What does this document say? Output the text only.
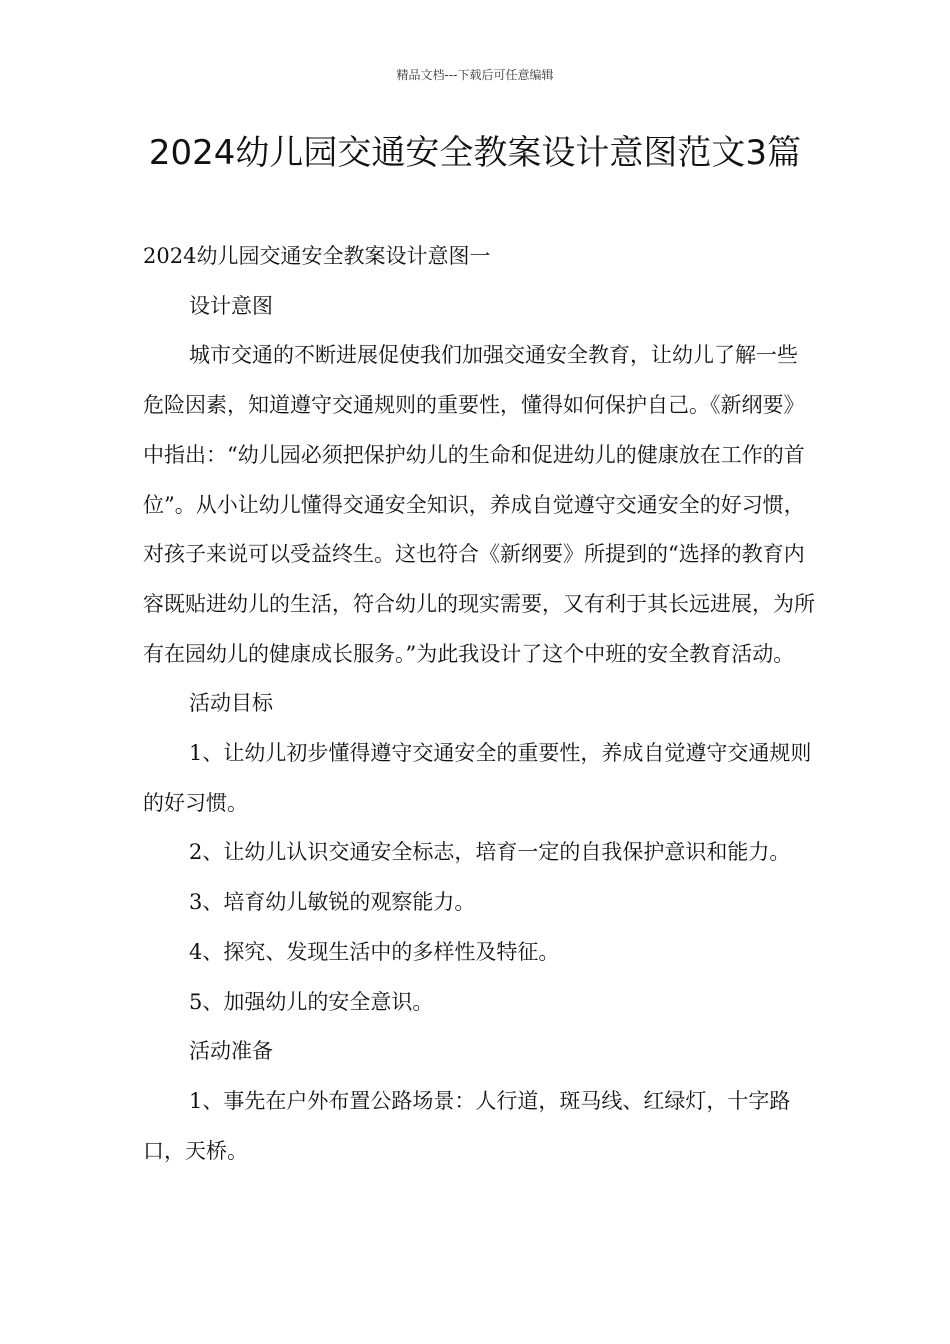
精品文档---下载后可任意编辑
2024幼儿园交通安全教案设计意图范文3篇

2024幼儿园交通安全教案设计意图一

设计意图

城市交通的不断进展促使我们加强交通安全教育，让幼儿了解一些危险因素，知道遵守交通规则的重要性，懂得如何保护自己。《新纲要》中指出：“幼儿园必须把保护幼儿的生命和促进幼儿的健康放在工作的首位”。从小让幼儿懂得交通安全知识，养成自觉遵守交通安全的好习惯，对孩子来说可以受益终生。这也符合《新纲要》所提到的“选择的教育内容既贴进幼儿的生活，符合幼儿的现实需要，又有利于其长远进展，为所有在园幼儿的健康成长服务。”为此我设计了这个中班的安全教育活动。

活动目标

1、让幼儿初步懂得遵守交通安全的重要性，养成自觉遵守交通规则的好习惯。

2、让幼儿认识交通安全标志，培育一定的自我保护意识和能力。

3、培育幼儿敏锐的观察能力。

4、探究、发现生活中的多样性及特征。

5、加强幼儿的安全意识。

活动准备

1、事先在户外布置公路场景：人行道，斑马线、红绿灯，十字路口，天桥。
